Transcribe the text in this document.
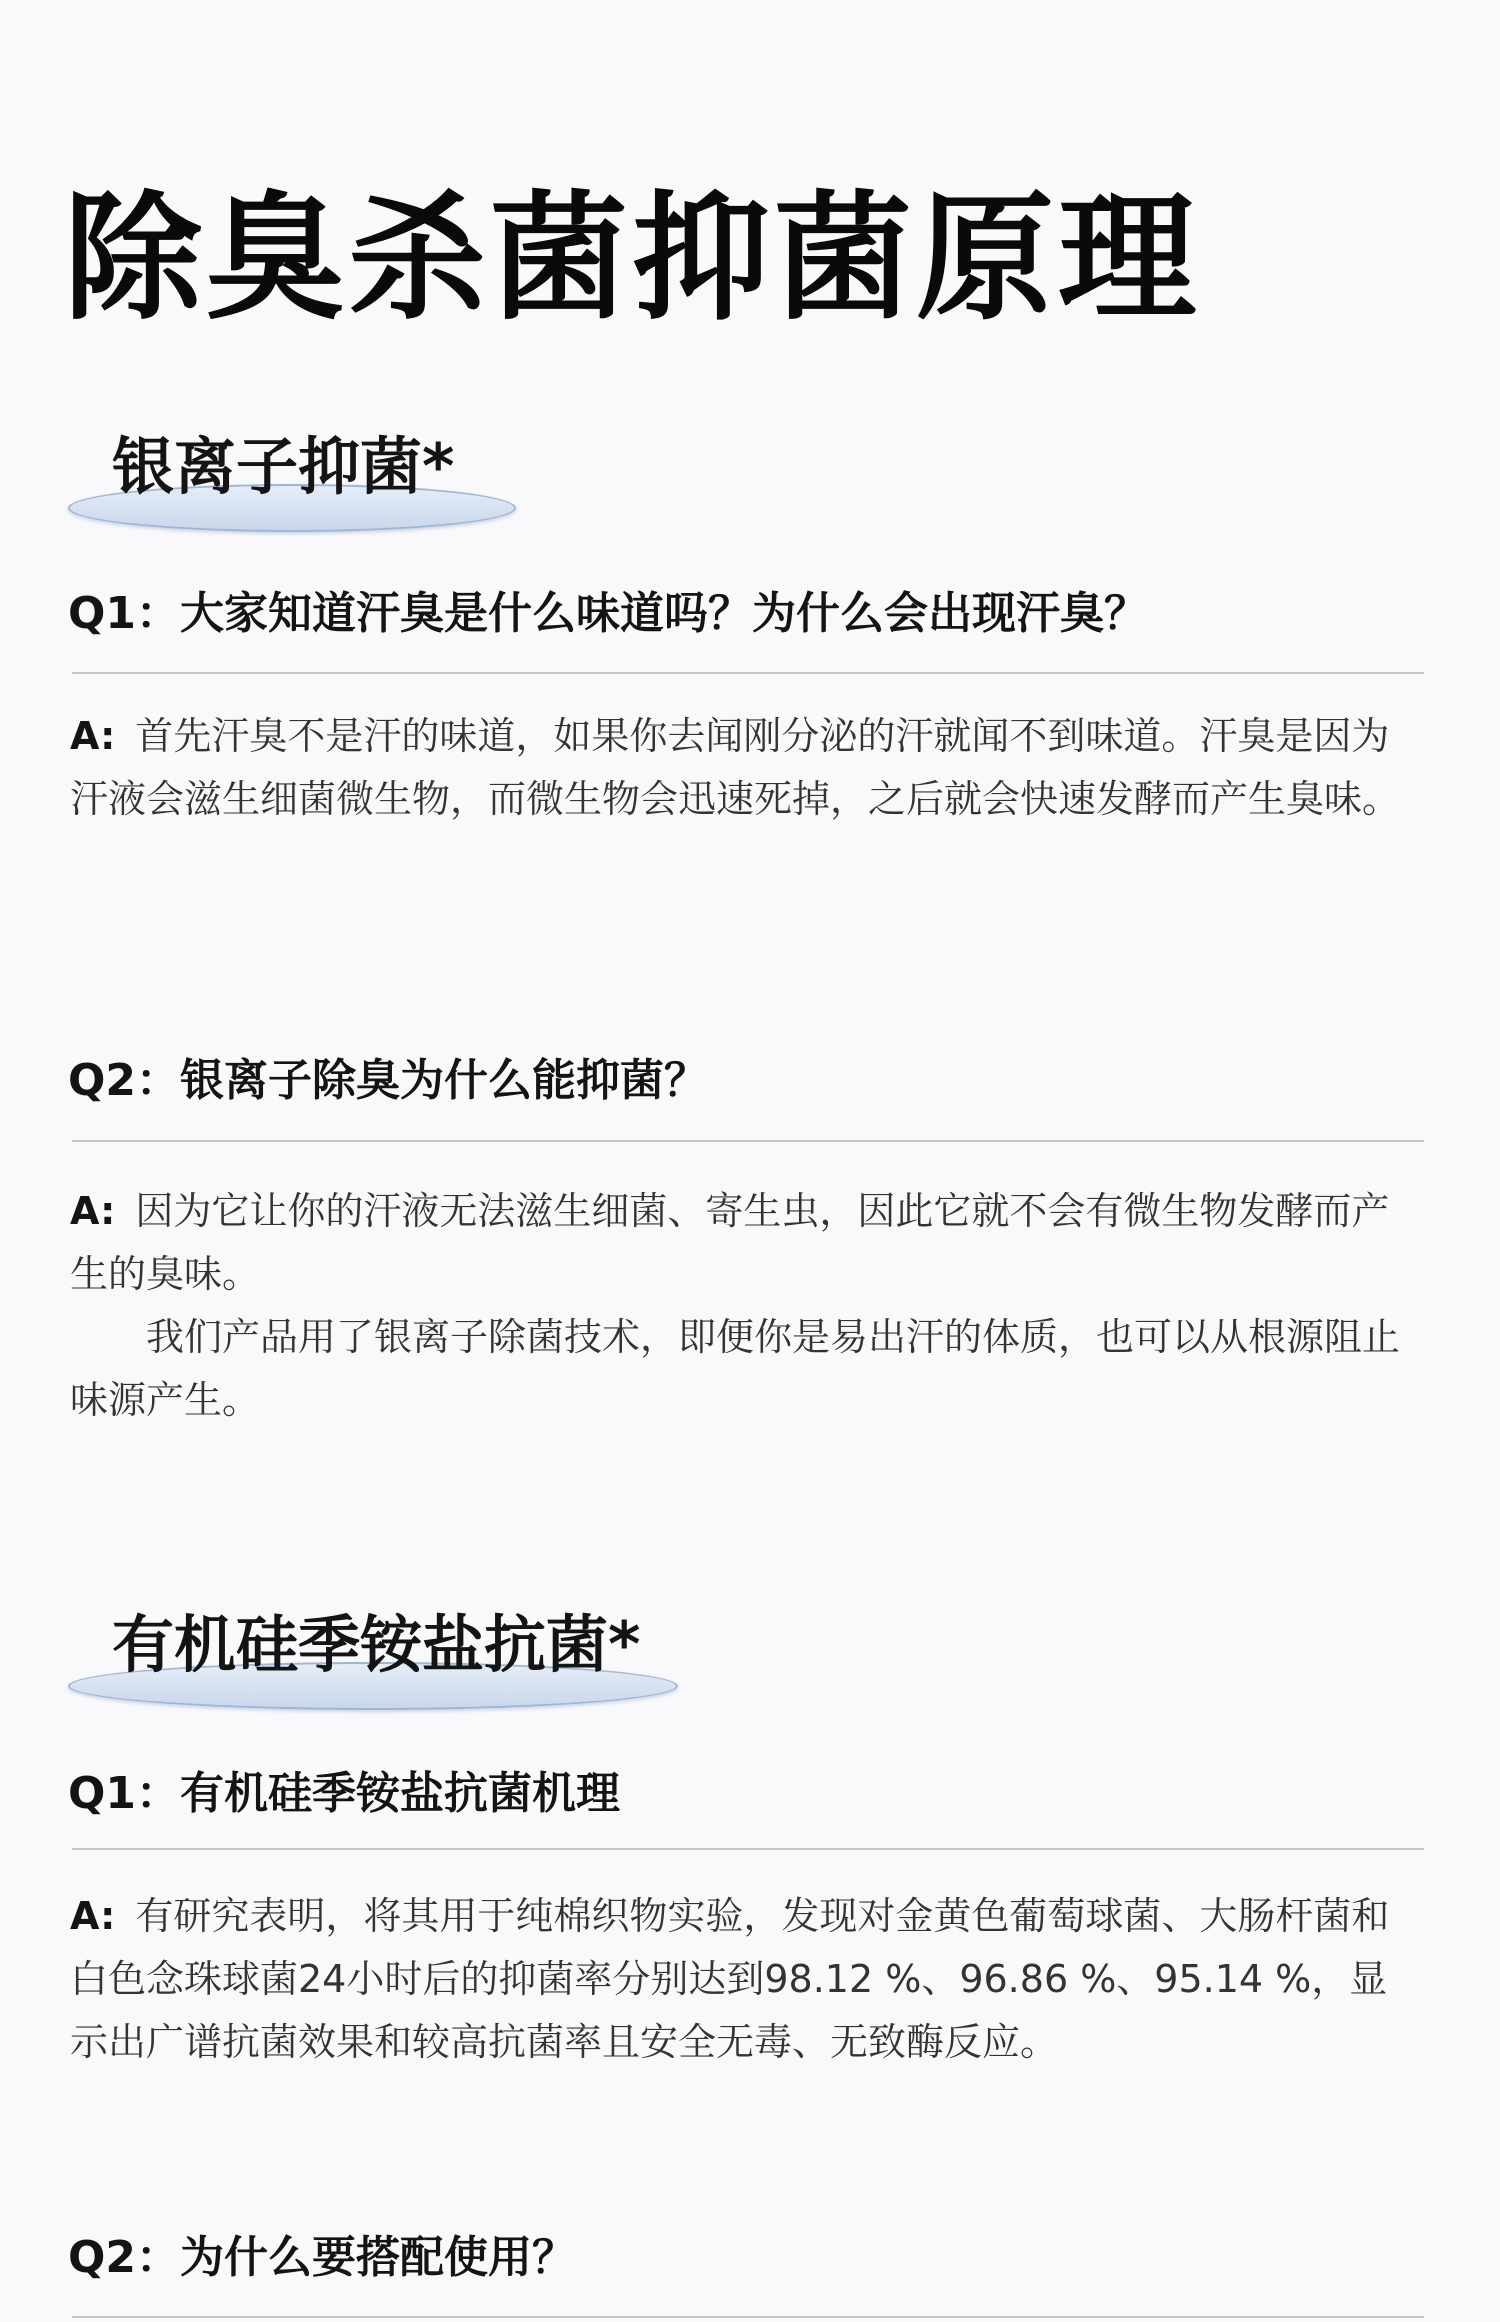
除臭杀菌抑菌原理
银离子抑菌*
Q1：大家知道汗臭是什么味道吗？为什么会出现汗臭？

A: 首先汗臭不是汗的味道，如果你去闻刚分泌的汗就闻不到味道。汗臭是因为汗液会滋生细菌微生物，而微生物会迅速死掉，之后就会快速发酵而产生臭味。

Q2：银离子除臭为什么能抑菌？

A: 因为它让你的汗液无法滋生细菌、寄生虫，因此它就不会有微生物发酵而产生的臭味。

我们产品用了银离子除菌技术，即便你是易出汗的体质，也可以从根源阻止味源产生。

有机硅季铵盐抗菌*
Q1：有机硅季铵盐抗菌机理

A: 有研究表明，将其用于纯棉织物实验，发现对金黄色葡萄球菌、大肠杆菌和白色念珠球菌24小时后的抑菌率分别达到98.12 %、96.86 %、95.14 %，显示出广谱抗菌效果和较高抗菌率且安全无毒、无致酶反应。

Q2：为什么要搭配使用？
